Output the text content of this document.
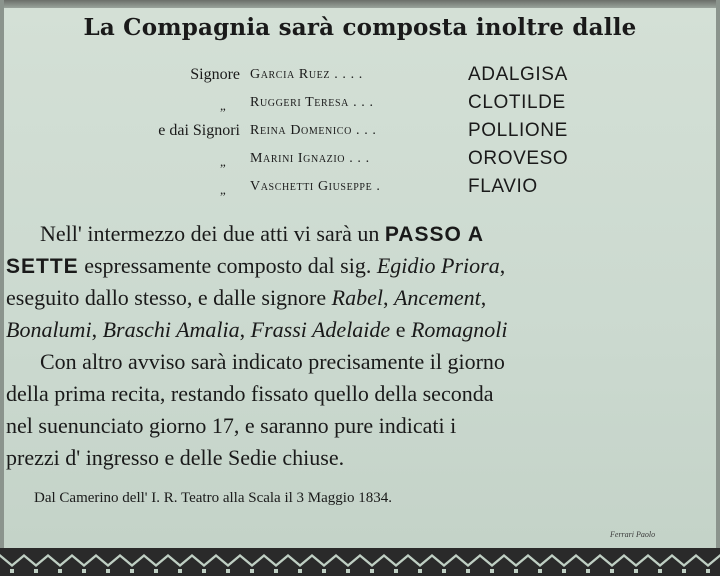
La Compagnia sarà composta inoltre dalle
Signore Garcia Ruez . . . .	ADALGISA
„ Ruggeri Teresa . . .	CLOTILDE
e dai Signori Reina Domenico . . .	POLLIONE
„ Marini Ignazio . . .	OROVESO
„ Vaschetti Giuseppe .	FLAVIO
Nell' intermezzo dei due atti vi sarà un PASSO A
SETTE espressamente composto dal sig. Egidio Priora,
eseguito dallo stesso, e dalle signore Rabel, Ancement,
Bonalumi, Braschi Amalia, Frassi Adelaide e Romagnoli
Con altro avviso sarà indicato precisamente il giorno
della prima recita, restando fissato quello della seconda
nel suenunciato giorno 17, e saranno pure indicati i
prezzi d' ingresso e delle Sedie chiuse.
Dal Camerino dell' I. R. Teatro alla Scala il 3 Maggio 1834.
Ferrari Paolo
